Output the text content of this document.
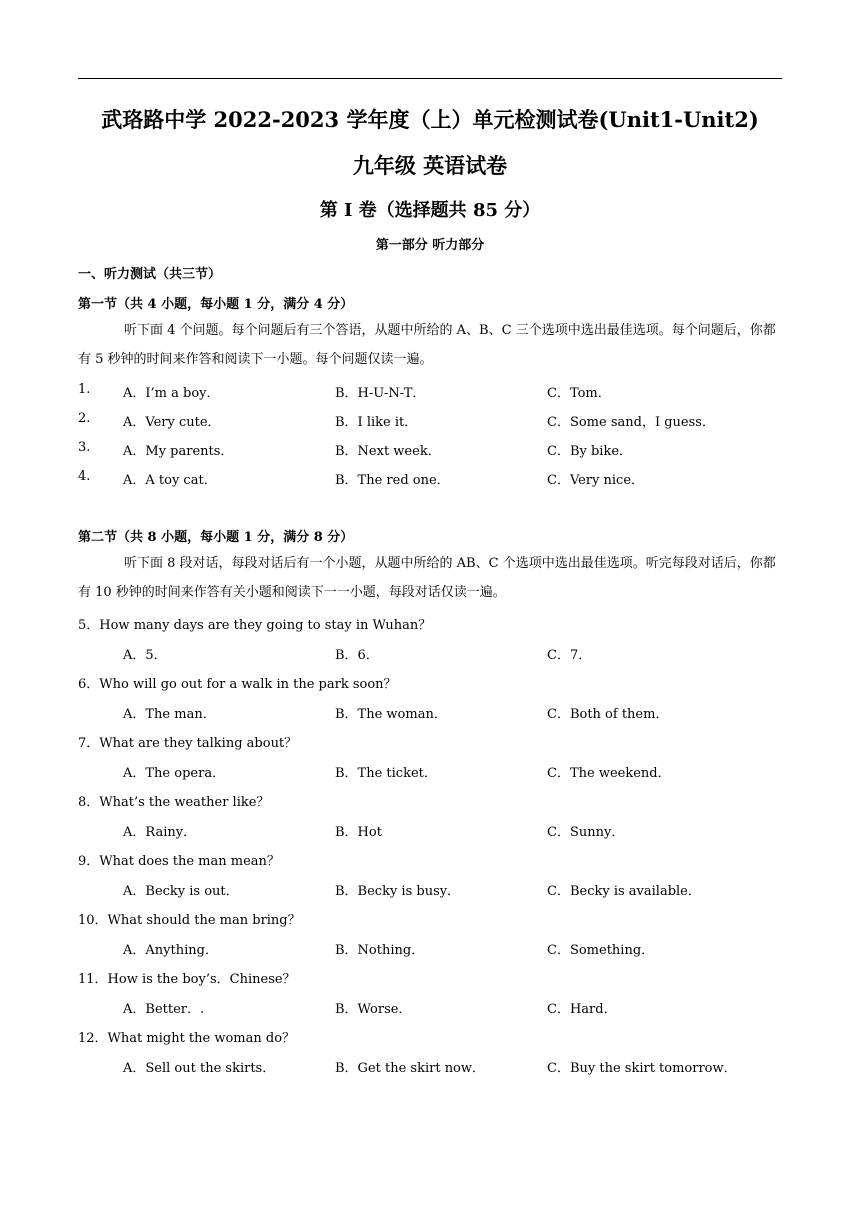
武珞路中学 2022-2023 学年度（上）单元检测试卷(Unit1-Unit2)
九年级 英语试卷
第 I 卷（选择题共 85 分）
第一部分 听力部分
一、听力测试（共三节）
第一节（共 4 小题，每小题 1 分，满分 4 分）
听下面 4 个问题。每个问题后有三个答语，从题中所给的 A、B、C 三个选项中选出最佳选项。每个问题后，你都有 5 秒钟的时间来作答和阅读下一小题。每个问题仅读一遍。
1.	A．I’m a boy．	B．H-U-N-T．	C．Tom．
2.	A．Very cute．	B．I like it．	C．Some sand，I guess．
3.	A．My parents．	B．Next week．	C．By bike．
4.	A．A toy cat．	B．The red one．	C．Very nice．
第二节（共 8 小题，每小题 1 分，满分 8 分）
听下面 8 段对话，每段对话后有一个小题，从题中所给的 AB、C 个选项中选出最佳选项。听完每段对话后，你都有 10 秒钟的时间来作答有关小题和阅读下一一小题，每段对话仅读一遍。
5．How many days are they going to stay in Wuhan？
A．5．	B．6．	C．7．
6．Who will go out for a walk in the park soon？
A．The man．	B．The woman．	C．Both of them．
7．What are they talking about？
A．The opera．	B．The ticket．	C．The weekend．
8．What’s the weather like？
A．Rainy．	B．Hot	C．Sunny．
9．What does the man mean？
A．Becky is out．	B．Becky is busy．	C．Becky is available．
10．What should the man bring？
A．Anything．	B．Nothing．	C．Something．
11．How is the boy’s．Chinese？
A．Better．.	B．Worse．	C．Hard．
12．What might the woman do？
A．Sell out the skirts．	B．Get the skirt now．	C．Buy the skirt tomorrow．
